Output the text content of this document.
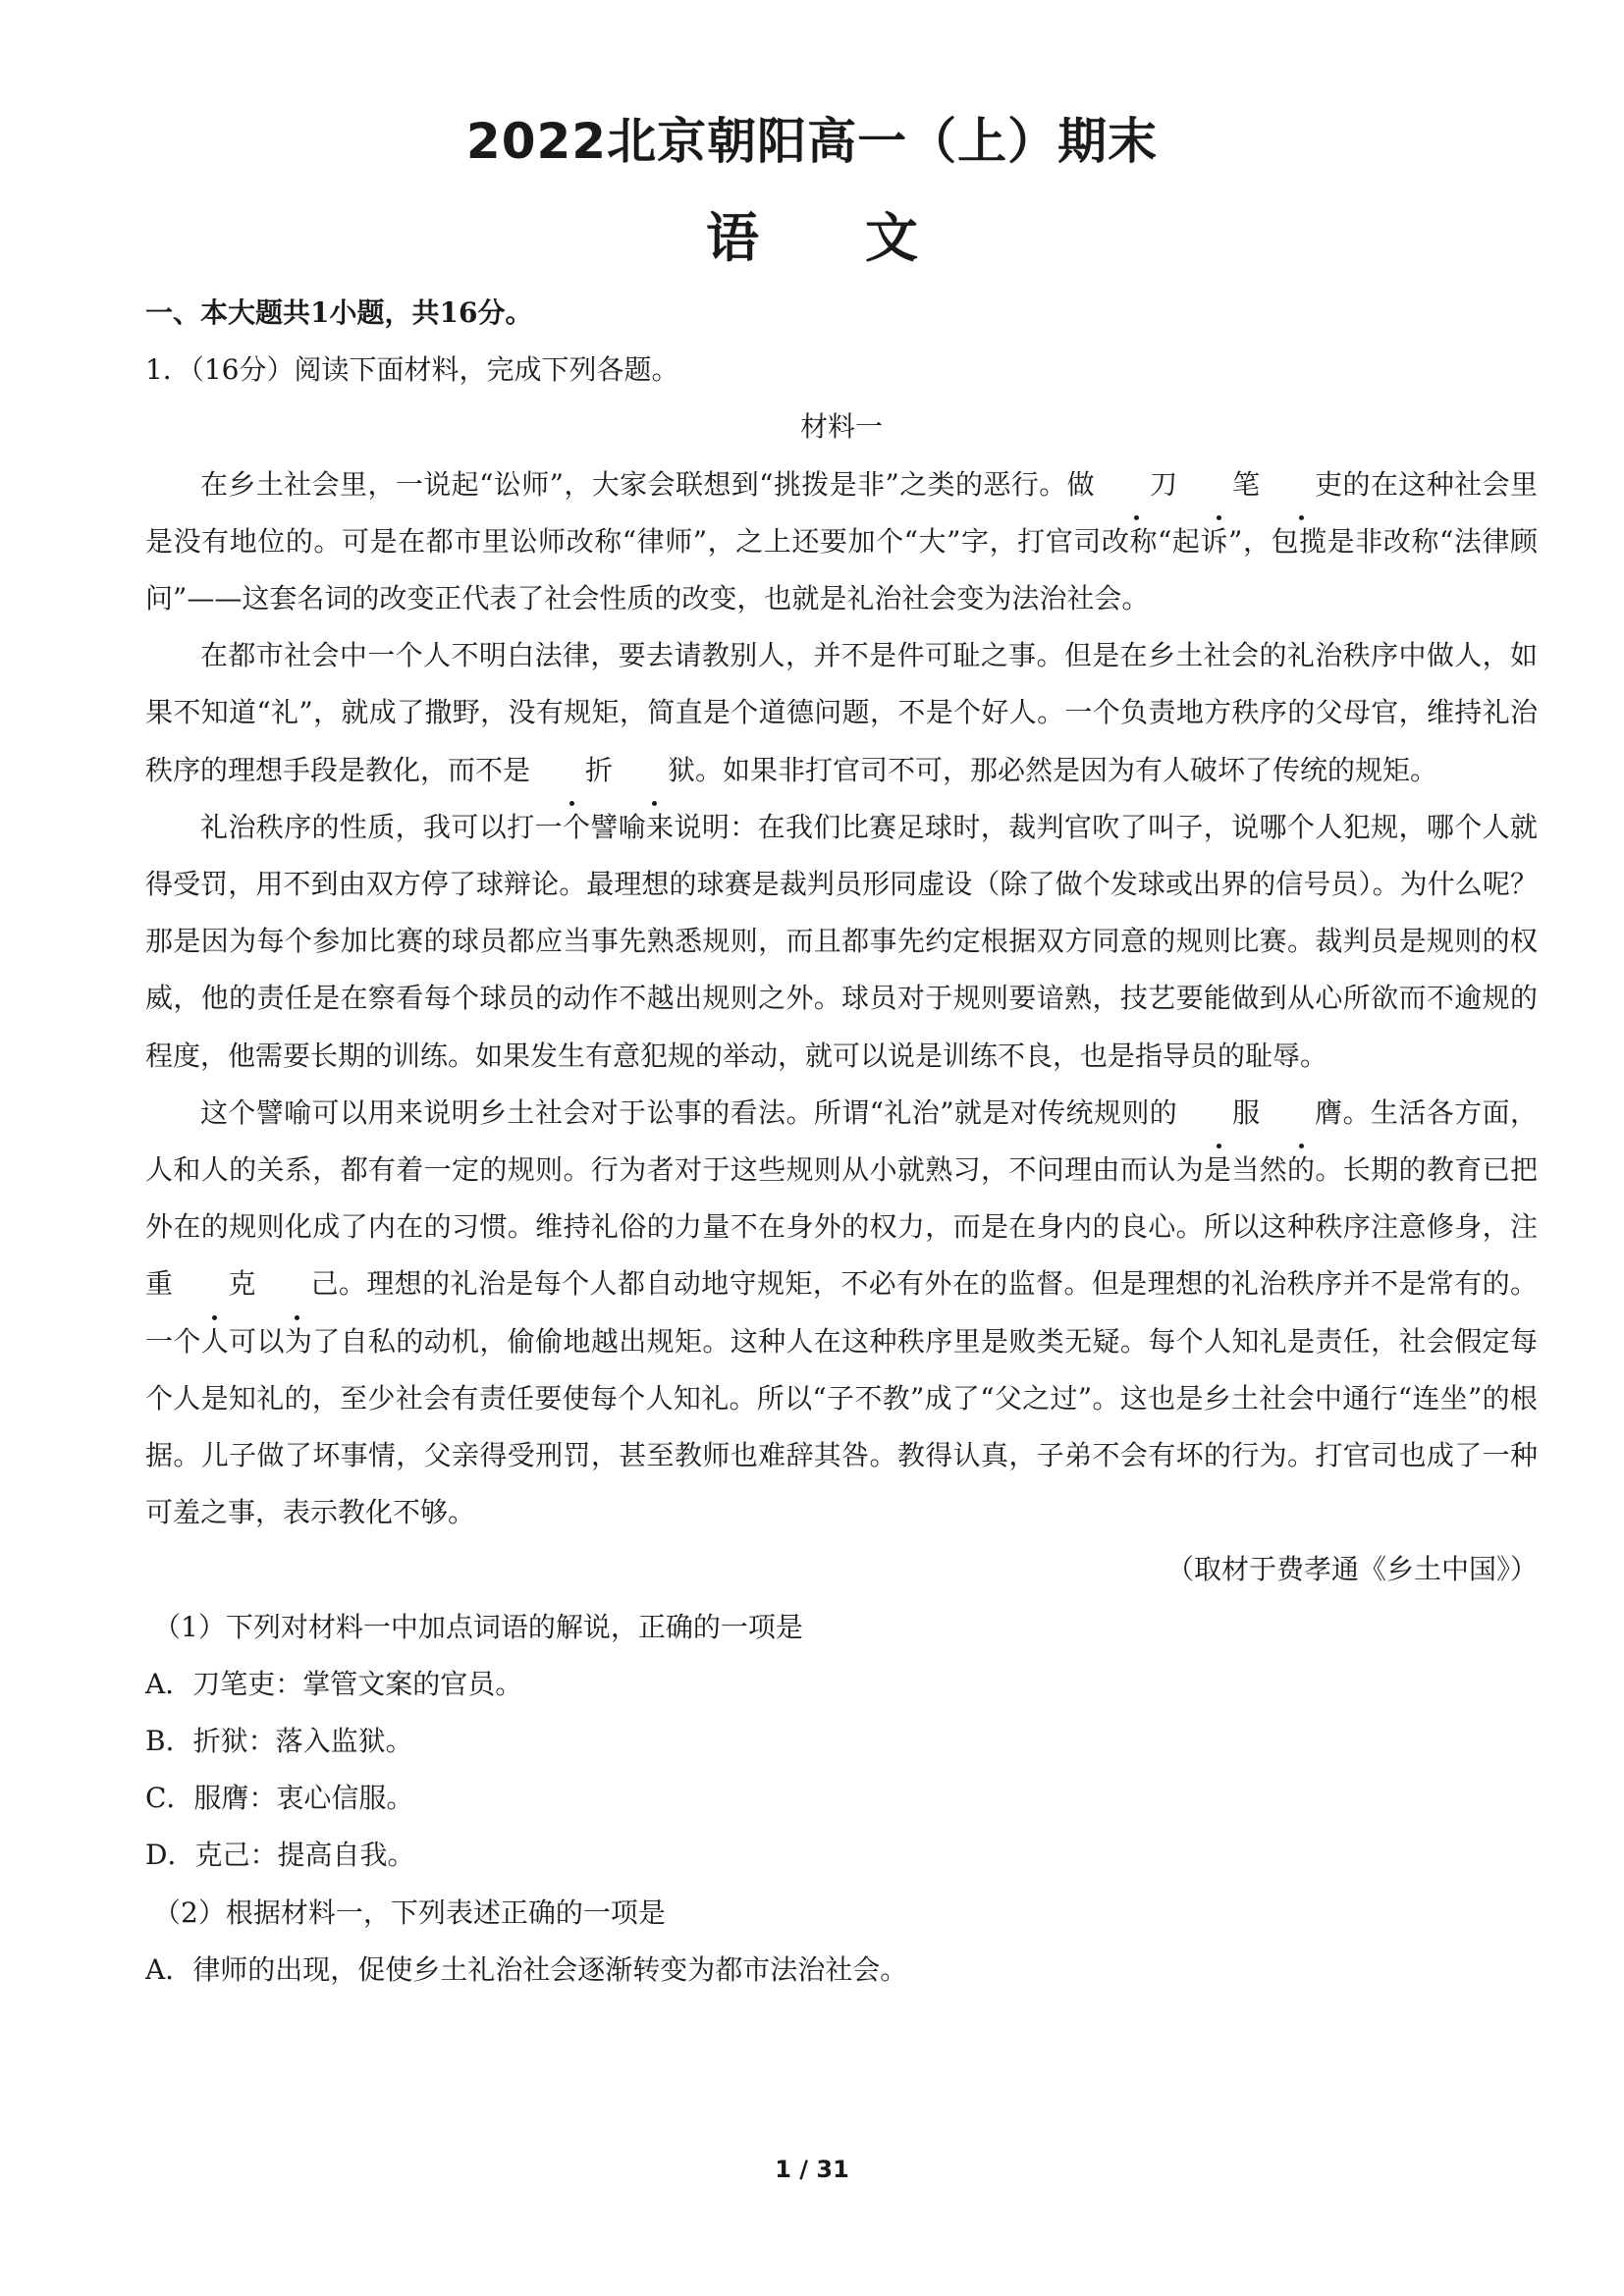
2022北京朝阳高一（上）期末
语 文
一、本大题共1小题，共16分。
1．（16分）阅读下面材料，完成下列各题。
材料一

在乡土社会里，一说起“讼师”，大家会联想到“挑拨是非”之类的恶行。做 刀 笔 吏的在这种社会里是没有地位的。可是在都市里讼师改称“律师”，之上还要加个“大”字，打官司改称“起诉”，包揽是非改称“法律顾问”——这套名词的改变正代表了社会性质的改变，也就是礼治社会变为法治社会。

在都市社会中一个人不明白法律，要去请教别人，并不是件可耻之事。但是在乡土社会的礼治秩序中做人，如果不知道“礼”，就成了撒野，没有规矩，简直是个道德问题，不是个好人。一个负责地方秩序的父母官，维持礼治秩序的理想手段是教化，而不是 折 狱。如果非打官司不可，那必然是因为有人破坏了传统的规矩。

礼治秩序的性质，我可以打一个譬喻来说明：在我们比赛足球时，裁判官吹了叫子，说哪个人犯规，哪个人就得受罚，用不到由双方停了球辩论。最理想的球赛是裁判员形同虚设（除了做个发球或出界的信号员）。为什么呢？那是因为每个参加比赛的球员都应当事先熟悉规则，而且都事先约定根据双方同意的规则比赛。裁判员是规则的权威，他的责任是在察看每个球员的动作不越出规则之外。球员对于规则要谙熟，技艺要能做到从心所欲而不逾规的程度，他需要长期的训练。如果发生有意犯规的举动，就可以说是训练不良，也是指导员的耻辱。

这个譬喻可以用来说明乡土社会对于讼事的看法。所谓“礼治”就是对传统规则的 服 膺。生活各方面，人和人的关系，都有着一定的规则。行为者对于这些规则从小就熟习，不问理由而认为是当然的。长期的教育已把外在的规则化成了内在的习惯。维持礼俗的力量不在身外的权力，而是在身内的良心。所以这种秩序注意修身，注重 克 己。理想的礼治是每个人都自动地守规矩，不必有外在的监督。但是理想的礼治秩序并不是常有的。一个人可以为了自私的动机，偷偷地越出规矩。这种人在这种秩序里是败类无疑。每个人知礼是责任，社会假定每个人是知礼的，至少社会有责任要使每个人知礼。所以“子不教”成了“父之过”。这也是乡土社会中通行“连坐”的根据。儿子做了坏事情，父亲得受刑罚，甚至教师也难辞其咎。教得认真，子弟不会有坏的行为。打官司也成了一种可羞之事，表示教化不够。

（取材于费孝通《乡土中国》）
（1）下列对材料一中加点词语的解说，正确的一项是
A．刀笔吏：掌管文案的官员。
B．折狱：落入监狱。
C．服膺：衷心信服。
D．克己：提高自我。
（2）根据材料一，下列表述正确的一项是
A．律师的出现，促使乡土礼治社会逐渐转变为都市法治社会。
1 / 31
